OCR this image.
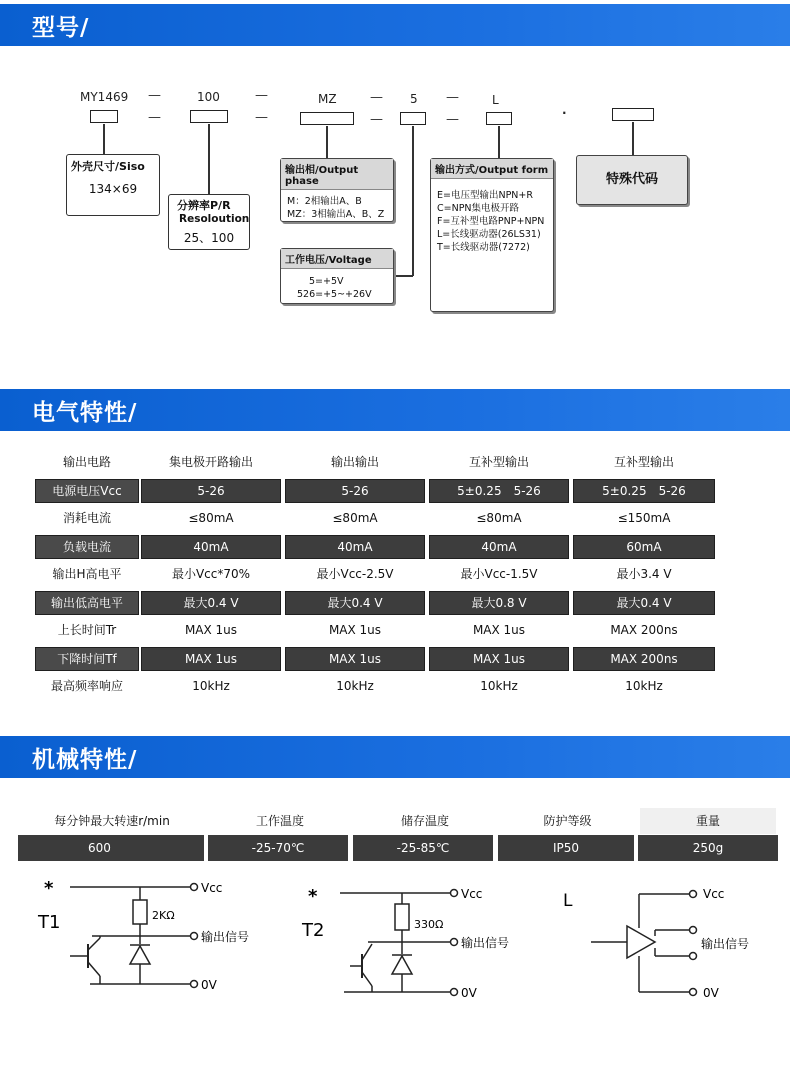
型号/
MY1469 —	100	—	MZ	— 5 —	L
·
—	—	—	—
外壳尺寸/Siso
134×69
分辨率P/R
Resoloution
25、100
输出相/Output phase
M：2相输出A、B
MZ：3相输出A、B、Z
工作电压/Voltage
5=+5V
526=+5~+26V
输出方式/Output form
E=电压型输出NPN+R
C=NPN集电极开路
F=互补型电路PNP+NPN
L=长线驱动器(26LS31)
T=长线驱动器(7272)
特殊代码
电气特性/
输出电路	集电极开路输出	输出输出	互补型输出	互补型输出
电源电压Vcc	5-26	5-26	5±0.25　5-26	5±0.25　5-26
消耗电流	≤80mA	≤80mA	≤80mA	≤150mA
负载电流	40mA	40mA	40mA	60mA
输出H高电平	最小Vcc*70%	最小Vcc-2.5V	最小Vcc-1.5V	最小3.4 V
输出低高电平	最大0.4 V	最大0.4 V	最大0.8 V	最大0.4 V
上长时间Tr	MAX 1us	MAX 1us	MAX 1us	MAX 200ns
下降时间Tf	MAX 1us	MAX 1us	MAX 1us	MAX 200ns
最高频率响应	10kHz	10kHz	10kHz	10kHz
机械特性/
每分钟最大转速r/min	工作温度	储存温度	防护等级	重量
600	-25-70℃	-25-85℃	IP50	250g
*
T1
Vcc
2KΩ
输出信号
0V
*
T2
Vcc
330Ω
输出信号
0V
L	Vcc
输出信号
0V
